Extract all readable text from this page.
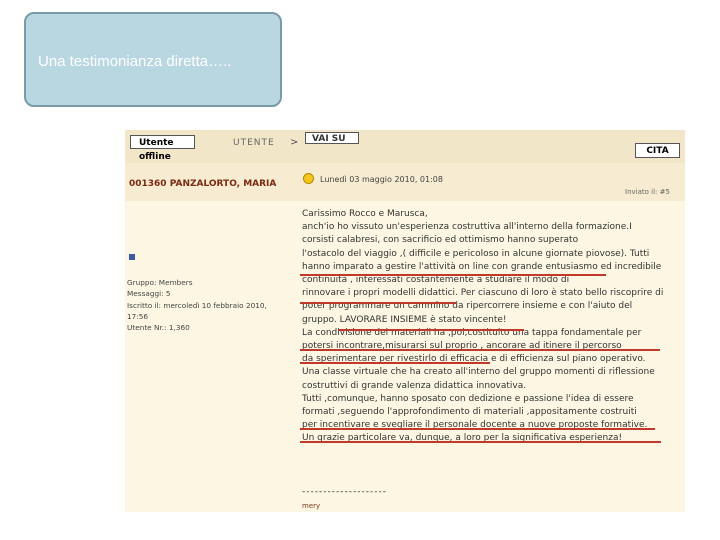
Una testimonianza diretta…..
Utente offline
UTENTE >	VAI SU
CITA
001360 PANZALORTO, MARIA	Lunedì 03 maggio 2010, 01:08
Inviato il: #5
Gruppo: Members
Messaggi: 5
Iscritto il: mercoledì 10 febbraio 2010,
17:56
Utente Nr.: 1,360
Carissimo Rocco e Marusca,
anch'io ho vissuto un'esperienza costruttiva all'interno della formazione.I
corsisti calabresi, con sacrificio ed ottimismo hanno superato
l'ostacolo del viaggio ,( difficile e pericoloso in alcune giornate piovose). Tutti
hanno imparato a gestire l'attività on line con grande entusiasmo ed incredibile
continuità , interessati costantemente a studiare il modo di
rinnovare i propri modelli didattici. Per ciascuno di loro è stato bello riscoprire di
poter programmare un cammino da ripercorrere insieme e con l'aiuto del
gruppo. LAVORARE INSIEME è stato vincente!
La condivisione dei materiali ha ,poi,costituito una tappa fondamentale per
potersi incontrare,misurarsi sul proprio , ancorare ad itinere il percorso
da sperimentare per rivestirlo di efficacia e di efficienza sul piano operativo.
Una classe virtuale che ha creato all'interno del gruppo momenti di riflessione
costruttivi di grande valenza didattica innovativa.
Tutti ,comunque, hanno sposato con dedizione e passione l'idea di essere
formati ,seguendo l'approfondimento di materiali ,appositamente costruiti
per incentivare e svegliare il personale docente a nuove proposte formative.
Un grazie particolare va, dunque, a loro per la significativa esperienza!
--------------------
mery
